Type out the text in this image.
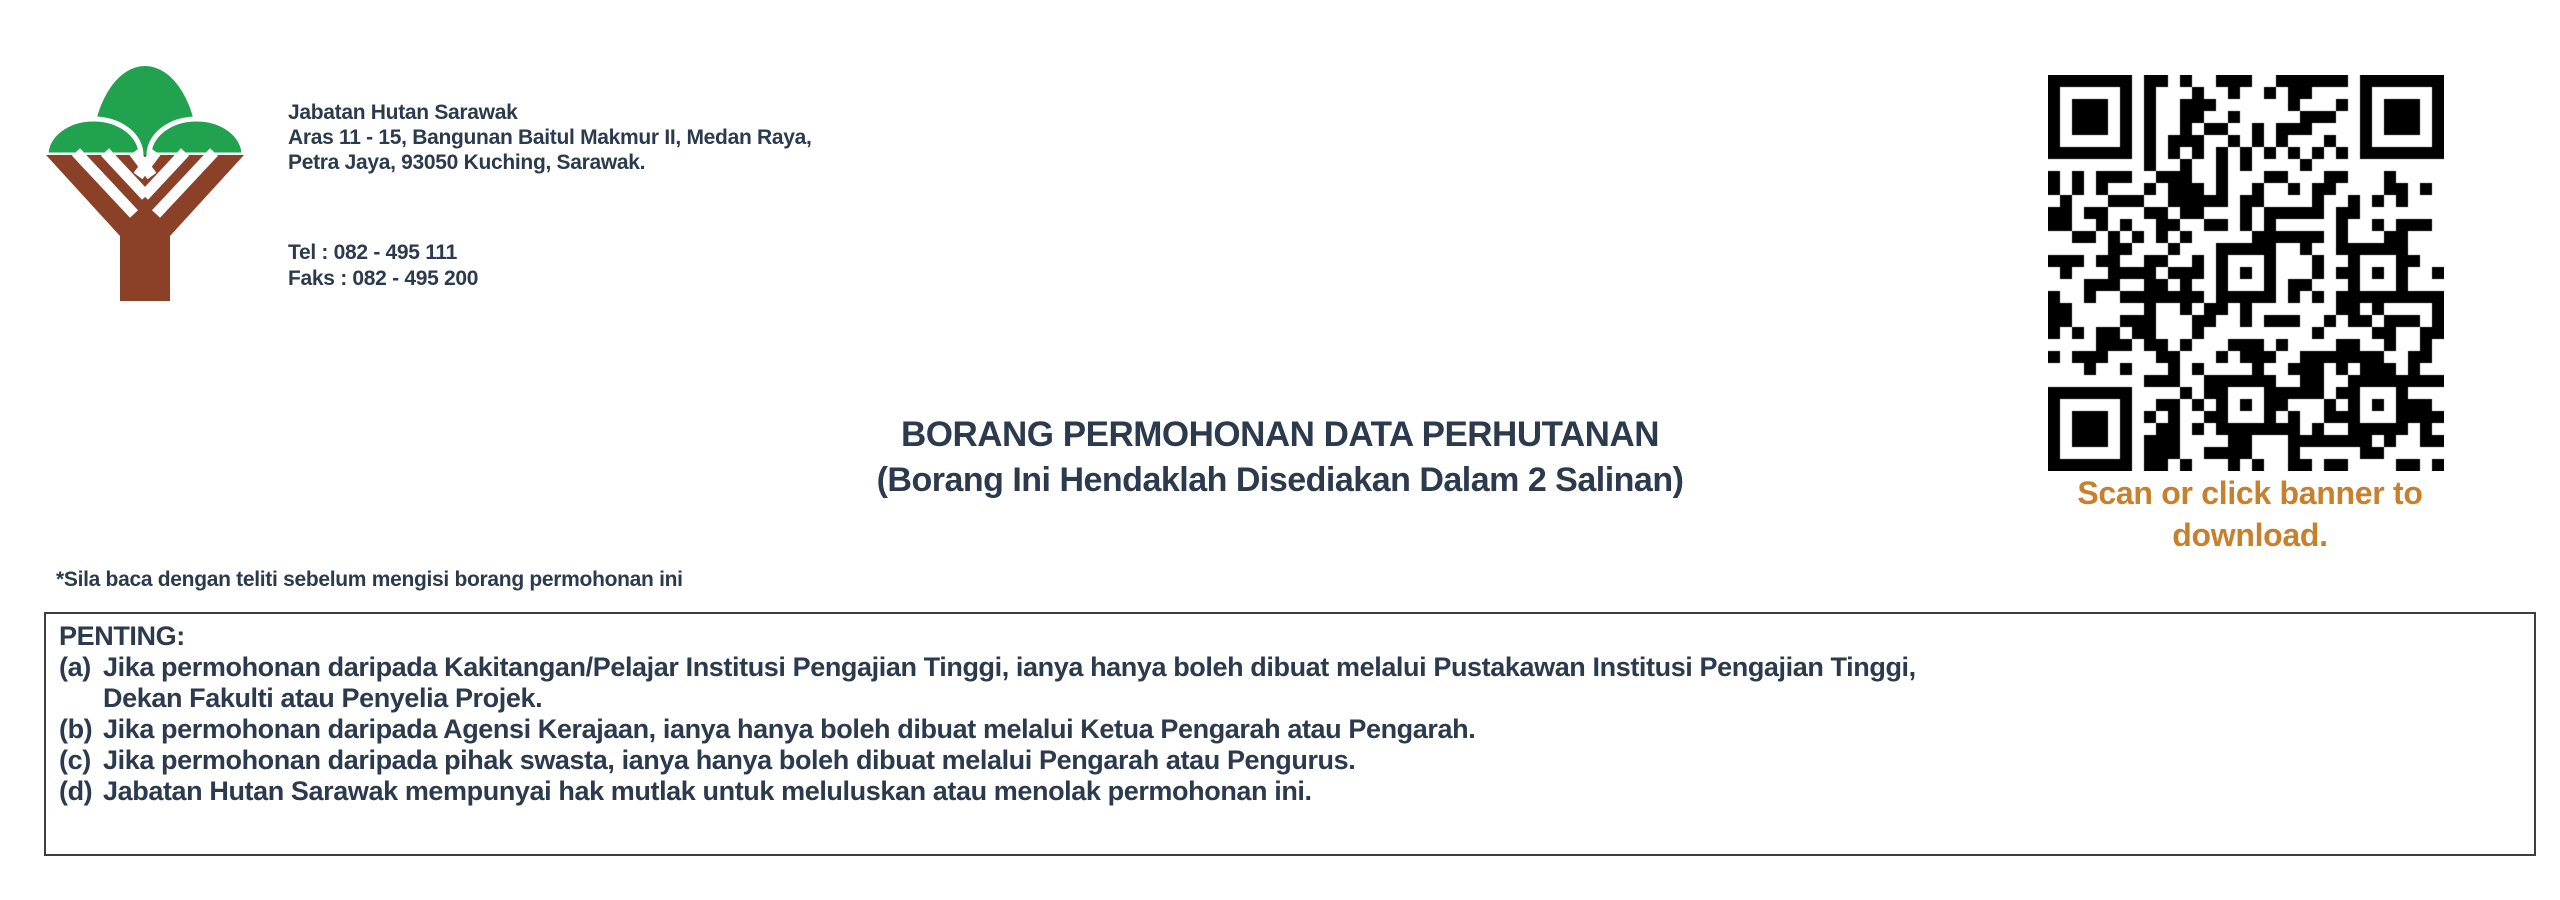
Jabatan Hutan Sarawak
Aras 11 - 15, Bangunan Baitul Makmur II, Medan Raya,
Petra Jaya, 93050 Kuching, Sarawak.
Tel : 082 - 495 111
Faks : 082 - 495 200
BORANG PERMOHONAN DATA PERHUTANAN
(Borang Ini Hendaklah Disediakan Dalam 2 Salinan)	Scan or click banner to
download.
*Sila baca dengan teliti sebelum mengisi borang permohonan ini
PENTING:
(a) Jika permohonan daripada Kakitangan/Pelajar Institusi Pengajian Tinggi, ianya hanya boleh dibuat melalui Pustakawan Institusi Pengajian Tinggi,
Dekan Fakulti atau Penyelia Projek.
(b) Jika permohonan daripada Agensi Kerajaan, ianya hanya boleh dibuat melalui Ketua Pengarah atau Pengarah.
(c) Jika permohonan daripada pihak swasta, ianya hanya boleh dibuat melalui Pengarah atau Pengurus.
(d) Jabatan Hutan Sarawak mempunyai hak mutlak untuk meluluskan atau menolak permohonan ini.
